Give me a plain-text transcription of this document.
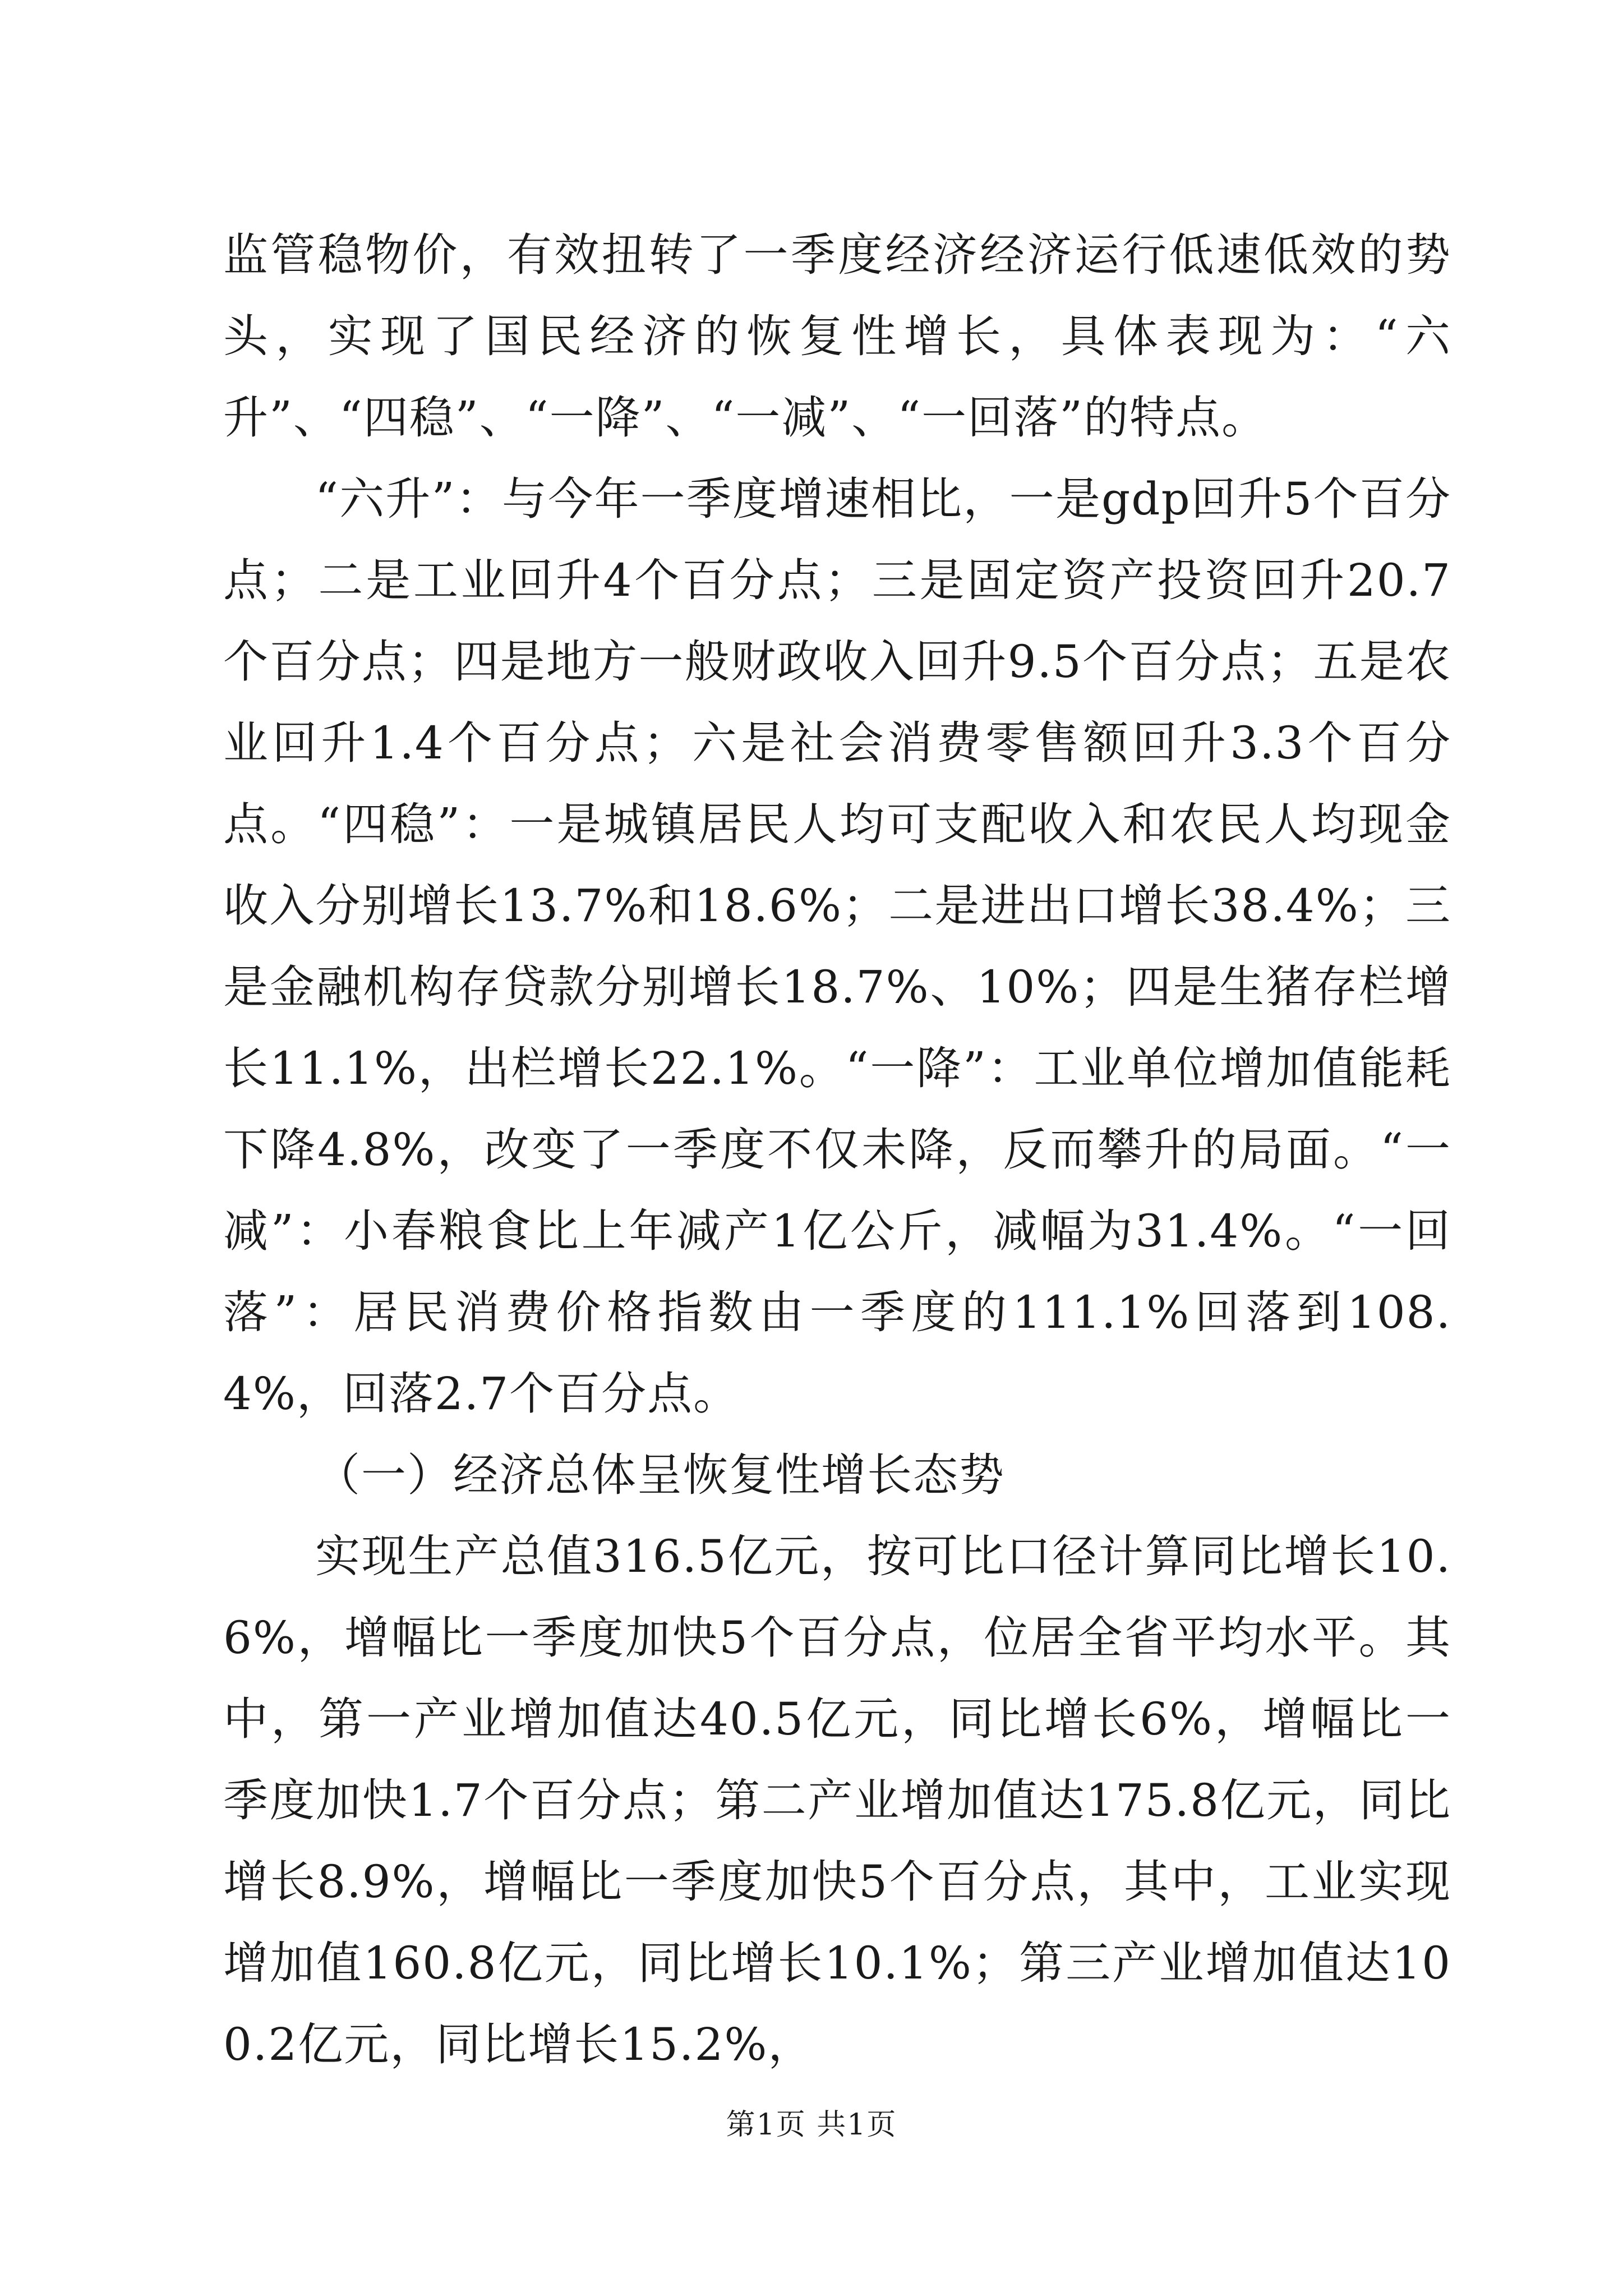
监管稳物价，有效扭转了一季度经济经济运行低速低效的势头，实现了国民经济的恢复性增长，具体表现为：“六升”、“四稳”、“一降”、“一减”、“一回落”的特点。

“六升”：与今年一季度增速相比，一是gdp回升5个百分点；二是工业回升4个百分点；三是固定资产投资回升20.7个百分点；四是地方一般财政收入回升9.5个百分点；五是农业回升1.4个百分点；六是社会消费零售额回升3.3个百分点。“四稳”：一是城镇居民人均可支配收入和农民人均现金收入分别增长13.7%和18.6%；二是进出口增长38.4%；三是金融机构存贷款分别增长18.7%、10%；四是生猪存栏增长11.1%，出栏增长22.1%。“一降”：工业单位增加值能耗下降4.8%，改变了一季度不仅未降，反而攀升的局面。“一减”：小春粮食比上年减产1亿公斤，减幅为31.4%。“一回落”：居民消费价格指数由一季度的111.1%回落到108.4%，回落2.7个百分点。

（一）经济总体呈恢复性增长态势

实现生产总值316.5亿元，按可比口径计算同比增长10.6%，增幅比一季度加快5个百分点，位居全省平均水平。其中，第一产业增加值达40.5亿元，同比增长6%，增幅比一季度加快1.7个百分点；第二产业增加值达175.8亿元，同比增长8.9%，增幅比一季度加快5个百分点，其中，工业实现增加值160.8亿元，同比增长10.1%；第三产业增加值达100.2亿元，同比增长15.2%，

第1页 共1页
